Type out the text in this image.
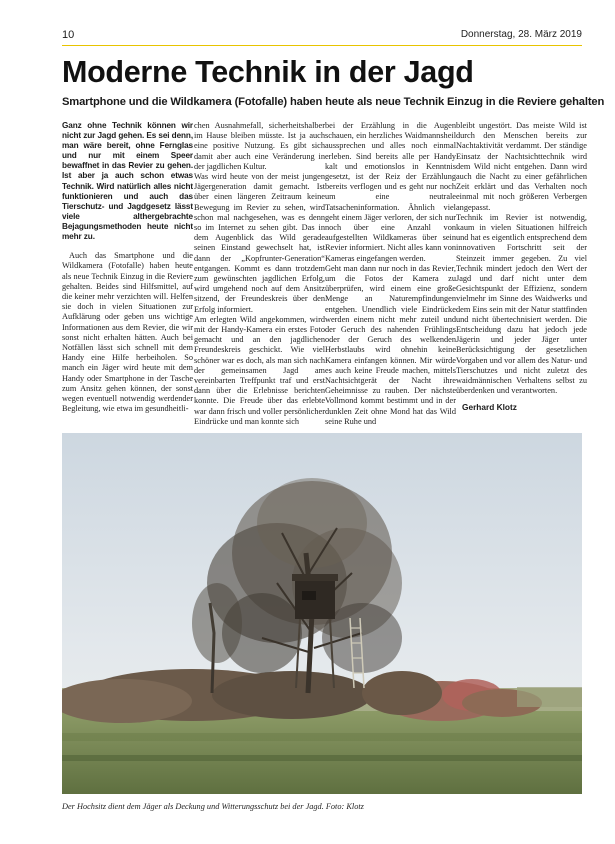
10	Donnerstag, 28. März 2019
Moderne Technik in der Jagd
Smartphone und die Wildkamera (Fotofalle) haben heute als neue Technik Einzug in die Reviere gehalten

Ganz ohne Technik können wir nicht zur Jagd gehen. Es sei denn, man wäre bereit, ohne Fernglas und nur mit einem Speer bewaffnet in das Revier zu gehen. Ist aber ja auch schon etwas Technik. Wird natürlich alles nicht funktionieren und auch das Tierschutz- und Jagdgesetz lässt viele althergebrachte Bejagungsmethoden heute nicht mehr zu.

Auch das Smartphone und die Wildkamera (Fotofalle) haben heute als neue Technik Einzug in die Reviere gehalten. Beides sind Hilfsmittel, auf die keiner mehr verzichten will. Helfen sie doch in vielen Situationen zur Aufklärung oder geben uns wichtige Informationen aus dem Revier, die wir sonst nicht erhalten hätten. Auch bei Notfällen lässt sich schnell mit dem Handy eine Hilfe herbeiholen. So manch ein Jäger wird heute mit dem Handy oder Smartphone in der Tasche zum Ansitz gehen können, der sonst wegen eventuell notwendig werdender Begleitung, wie etwa im gesundheitli-

chen Ausnahmefall, sicherheitshalber im Hause bleiben müsste. Ist ja auch eine positive Nutzung. Es gibt sich damit aber auch eine Veränderung in der jagdlichen Kultur.

Was wird heute von der meist jungen Jägergeneration damit gemacht. Ist über einen längeren Zeitraum keine Bewegung im Revier zu sehen, wird schon mal nachgesehen, was es denn so im Internet zu sehen gibt. Das in dem Augenblick das Wild gerade seinen Einstand gewechselt hat, ist dann der „Kopfrunter-Generation“ entgangen. Kommt es dann trotzdem zum gewünschten jagdlichen Erfolg, wird umgehend noch auf dem Ansitz sitzend, der Freundeskreis über den Erfolg informiert.

Am erlegten Wild angekommen, wird mit der Handy-Kamera ein erstes Foto gemacht und an den jagdlichen Freundeskreis geschickt. Wie viel schöner war es doch, als man sich nach der gemeinsamen Jagd am vereinbarten Treffpunkt traf und erst dann über die Erlebnisse berichten konnte. Die Freude über das erlebte war dann frisch und voller persönlicher Eindrücke und man konnte sich

bei der Erzählung in die Augen schauen, ein herzliches Waidmannsheil aussprechen und alles noch einmal erleben. Sind bereits alle per Handy kalt und emotionslos in Kenntnis gesetzt, ist der Reiz der Erzählung bereits verflogen und es geht nur noch um eine neutrale Tatsacheninformation. Ähnlich viel geht einem Jäger verloren, der sich nur noch über eine Anzahl von aufgestellten Wildkameras über sein Revier informiert. Nicht alles kann von Kameras eingefangen werden.

Geht man dann nur noch in das Revier, um die Fotos der Kamera zu überprüfen, wird einem eine große Menge an Naturempfindungen entgehen. Unendlich viele Eindrücke werden einem nicht mehr zuteil und der Geruch des nahenden Frühlings oder der Geruch des welkenden Herbstlaubs wird ohnehin keine Kamera einfangen können. Mir würde es auch keine Freude machen, mittels Nachtsichtgerät der Nacht ihre Geheimnisse zu rauben. Der nächste Vollmond kommt bestimmt und in der dunklen Zeit ohne Mond hat das Wild seine Ruhe und

bleibt ungestört. Das meiste Wild ist durch den Menschen bereits zur Nachtaktivität verdammt. Der ständige Einsatz der Nachtsichttechnik wird dem Wild nicht entgehen. Dann wird auch die Nacht zu einer gefährlichen Zeit erklärt und das Verhalten noch einmal mit noch größeren Verbergen angepasst.

Technik im Revier ist notwendig, kaum in vielen Situationen hilfreich und hat es eigentlich entsprechend dem innovativen Fortschritt seit der Steinzeit immer gegeben. Zu viel Technik mindert jedoch den Wert der Jagd und darf nicht unter dem Gesichtspunkt der Effizienz, sondern vielmehr im Sinne des Waidwerks und dem Eins sein mit der Natur stattfinden und nicht übertechnisiert werden. Die Entscheidung dazu hat jedoch jede Jägerin und jeder Jäger unter Berücksichtigung der gesetzlichen Vorgaben und vor allem des Natur- und Tierschutzes und nicht zuletzt des waidmännischen Verhaltens selbst zu überdenken und verantworten.

Gerhard Klotz
Der Hochsitz dient dem Jäger als Deckung und Witterungsschutz bei der Jagd. Foto: Klotz
